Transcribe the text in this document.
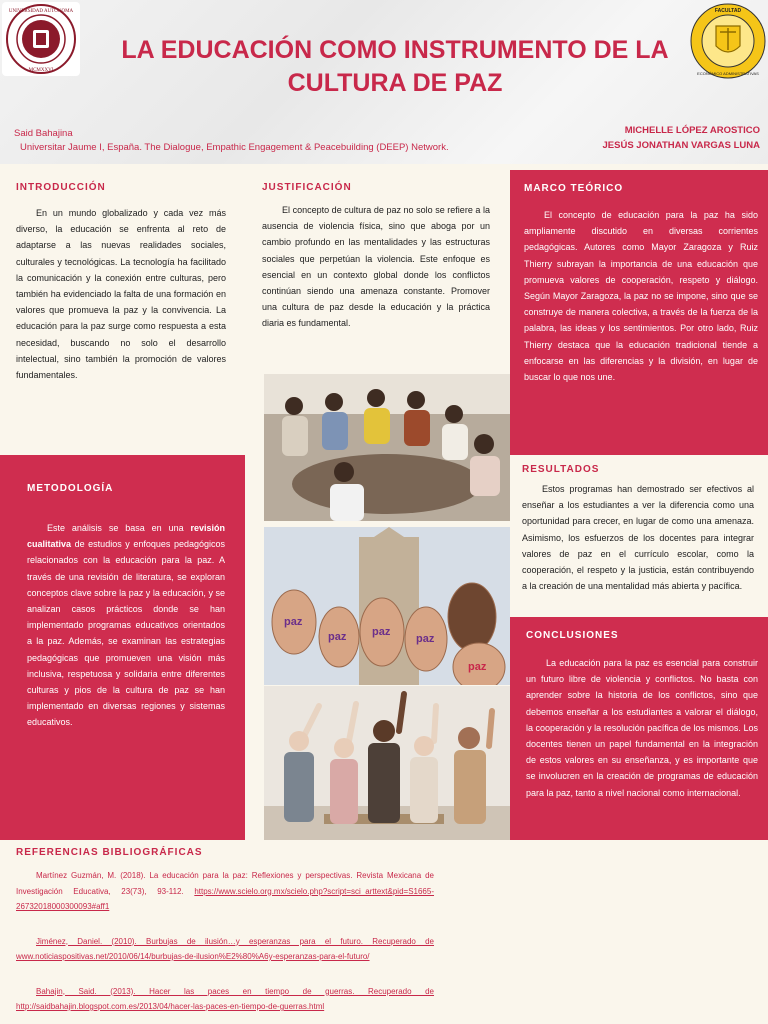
UNIVERSIDAD AUTÓNOMA
MCMXXVI
FACULTAD
ECONÓMICO ADMINISTRATIVAS
LA EDUCACIÓN COMO INSTRUMENTO DE LA CULTURA DE PAZ
Said Bahajina
Universitar Jaume I, España. The Dialogue, Empathic Engagement & Peacebuilding (DEEP) Network.
MICHELLE LÓPEZ AROSTICO
JESÚS JONATHAN VARGAS LUNA
INTRODUCCIÓN

En un mundo globalizado y cada vez más diverso, la educación se enfrenta al reto de adaptarse a las nuevas realidades sociales, culturales y tecnológicas. La tecnología ha facilitado la comunicación y la conexión entre culturas, pero también ha evidenciado la falta de una formación en valores que promueva la paz y la convivencia. La educación para la paz surge como respuesta a esta necesidad, buscando no solo el desarrollo intelectual, sino también la promoción de valores fundamentales.

JUSTIFICACIÓN

El concepto de cultura de paz no solo se refiere a la ausencia de violencia física, sino que aboga por un cambio profundo en las mentalidades y las estructuras sociales que perpetúan la violencia. Este enfoque es esencial en un contexto global donde los conflictos continúan siendo una amenaza constante. Promover una cultura de paz desde la educación y la práctica diaria es fundamental.

MARCO TEÓRICO

El concepto de educación para la paz ha sido ampliamente discutido en diversas corrientes pedagógicas. Autores como Mayor Zaragoza y Ruiz Thierry subrayan la importancia de una educación que promueva valores de cooperación, respeto y diálogo. Según Mayor Zaragoza, la paz no se impone, sino que se construye de manera colectiva, a través de la fuerza de la palabra, las ideas y los sentimientos. Por otro lado, Ruiz Thierry destaca que la educación tradicional tiende a enfocarse en las diferencias y la división, en lugar de buscar lo que nos une.

METODOLOGÍA

Este análisis se basa en una revisión cualitativa de estudios y enfoques pedagógicos relacionados con la educación para la paz. A través de una revisión de literatura, se exploran conceptos clave sobre la paz y la educación, y se analizan casos prácticos donde se han implementado programas educativos orientados a la paz. Además, se examinan las estrategias pedagógicas que promueven una visión más inclusiva, respetuosa y solidaria entre diferentes culturas y pios de la cultura de paz se han implementado en diversas regiones y sistemas educativos.

paz
paz paz
paz
paz
RESULTADOS

Estos programas han demostrado ser efectivos al enseñar a los estudiantes a ver la diferencia como una oportunidad para crecer, en lugar de como una amenaza. Asimismo, los esfuerzos de los docentes para integrar valores de paz en el currículo escolar, como la cooperación, el respeto y la justicia, están contribuyendo a la creación de una mentalidad más abierta y pacífica.

CONCLUSIONES

La educación para la paz es esencial para construir un futuro libre de violencia y conflictos. No basta con aprender sobre la historia de los conflictos, sino que debemos enseñar a los estudiantes a valorar el diálogo, la cooperación y la resolución pacífica de los mismos. Los docentes tienen un papel fundamental en la integración de estos valores en su enseñanza, y es importante que se involucren en la creación de programas de educación para la paz, tanto a nivel nacional como internacional.

REFERENCIAS BIBLIOGRÁFICAS

Martínez Guzmán, M. (2018). La educación para la paz: Reflexiones y perspectivas. Revista Mexicana de Investigación Educativa, 23(73), 93-112. https://www.scielo.org.mx/scielo.php?script=sci_arttext&pid=S1665-26732018000300093#aff1

Jiménez, Daniel. (2010). Burbujas de ilusión…y esperanzas para el futuro. Recuperado de www.noticiaspositivas.net/2010/06/14/burbujas-de-ilusion%E2%80%A6y-esperanzas-para-el-futuro/

Bahajin, Said. (2013). Hacer las paces en tiempo de guerras. Recuperado de http://saidbahajin.blogspot.com.es/2013/04/hacer-las-paces-en-tiempo-de-guerras.html
